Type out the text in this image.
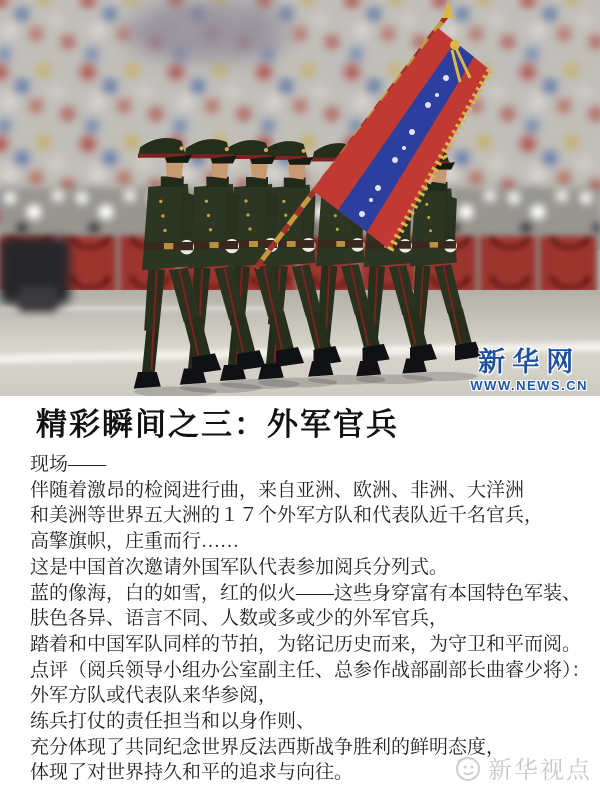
新华网
WWW.NEWS.CN
精彩瞬间之三：外军官兵
现场——
伴随着激昂的检阅进行曲，来自亚洲、欧洲、非洲、大洋洲
和美洲等世界五大洲的１７个外军方队和代表队近千名官兵，
高擎旗帜，庄重而行……
这是中国首次邀请外国军队代表参加阅兵分列式。
蓝的像海，白的如雪，红的似火——这些身穿富有本国特色军装、
肤色各异、语言不同、人数或多或少的外军官兵，
踏着和中国军队同样的节拍，为铭记历史而来，为守卫和平而阅。
点评（阅兵领导小组办公室副主任、总参作战部副部长曲睿少将）：
外军方队或代表队来华参阅，
练兵打仗的责任担当和以身作则、
充分体现了共同纪念世界反法西斯战争胜利的鲜明态度，
体现了对世界持久和平的追求与向往。	新华视点
